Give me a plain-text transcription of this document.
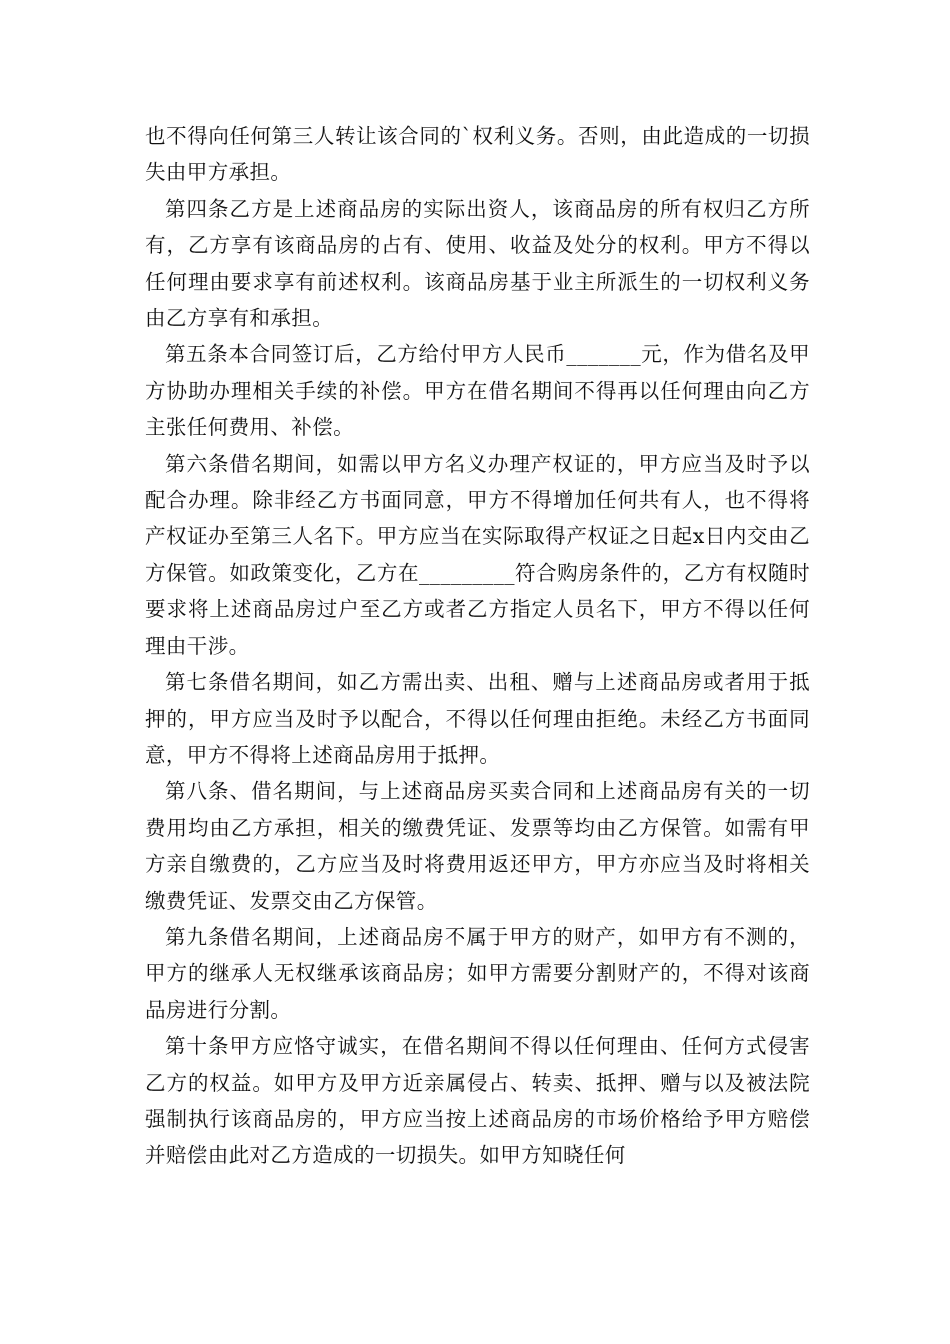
也不得向任何第三人转让该合同的`权利义务。否则，由此造成的一切损失由甲方承担。

第四条乙方是上述商品房的实际出资人，该商品房的所有权归乙方所有，乙方享有该商品房的占有、使用、收益及处分的权利。甲方不得以任何理由要求享有前述权利。该商品房基于业主所派生的一切权利义务由乙方享有和承担。

第五条本合同签订后，乙方给付甲方人民币_______元，作为借名及甲方协助办理相关手续的补偿。甲方在借名期间不得再以任何理由向乙方主张任何费用、补偿。

第六条借名期间，如需以甲方名义办理产权证的，甲方应当及时予以配合办理。除非经乙方书面同意，甲方不得增加任何共有人，也不得将产权证办至第三人名下。甲方应当在实际取得产权证之日起x日内交由乙方保管。如政策变化，乙方在_________符合购房条件的，乙方有权随时要求将上述商品房过户至乙方或者乙方指定人员名下，甲方不得以任何理由干涉。

第七条借名期间，如乙方需出卖、出租、赠与上述商品房或者用于抵押的，甲方应当及时予以配合，不得以任何理由拒绝。未经乙方书面同意，甲方不得将上述商品房用于抵押。

第八条、借名期间，与上述商品房买卖合同和上述商品房有关的一切费用均由乙方承担，相关的缴费凭证、发票等均由乙方保管。如需有甲方亲自缴费的，乙方应当及时将费用返还甲方，甲方亦应当及时将相关缴费凭证、发票交由乙方保管。

第九条借名期间，上述商品房不属于甲方的财产，如甲方有不测的，甲方的继承人无权继承该商品房；如甲方需要分割财产的，不得对该商品房进行分割。

第十条甲方应恪守诚实，在借名期间不得以任何理由、任何方式侵害乙方的权益。如甲方及甲方近亲属侵占、转卖、抵押、赠与以及被法院强制执行该商品房的，甲方应当按上述商品房的市场价格给予甲方赔偿并赔偿由此对乙方造成的一切损失。如甲方知晓任何
